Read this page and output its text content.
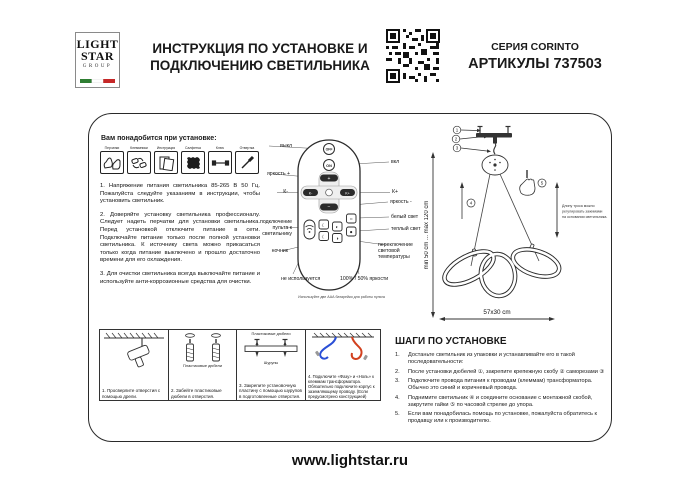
LIGHT
STAR
GROUP
ИНСТРУКЦИЯ ПО УСТАНОВКЕ И
ПОДКЛЮЧЕНИЮ СВЕТИЛЬНИКА
СЕРИЯ CORINTO
АРТИКУЛЫ 737503
Вам понадобится при установке:
Перчатки	Клеммники	Инструкция	Салфетка	Ключ	Отвертка

1. Напряжение питания светильника 85-265 В 50 Гц. Пожалуйста следуйте указаниям в инструкции, чтобы установить светильник.

2. Доверяйте установку светильника профессионалу. Следует надеть перчатки для установки светильника. Перед установкой отключите питание в сети. Подключайте питание только после полной установки светильника. К источнику света можно прикасаться только когда питание выключено и прошло достаточно времени для его охлаждения.

3. Для очистки светильника всегда выключайте питание и используйте анти-коррозионные средства для очистки.

OFF
ON
+
−
K-	K+
☾
☾
◐
◑
○
●
выкл
вкл
яркость +
К-	К+
яркость -
белый свет
теплый свет
переключение световой температуры
подключение пульта к светильнику
ночник
не используется	100% / 50% яркости
Используйте две ААА батарейки для работы пульта
1
2
3
4
5
Длину троса можно
регулировать зажимами
на основании светильника.
min 50 cm ... max 120 cm
57x30 cm
1. Просверлите отверстия с помощью дрели.
Пластиковые дюбели
2. Забейте пластиковые дюбели в отверстия.
Пластиковые дюбели
Шурупы
3. Закрепите установочную пластину с помощью шурупов в подготовленные отверстия.
4. Подключите «Фазу» и «Ноль» к клеммам трансформатора. Обязательно подключите корпус к заземляющему проводу. (Если предусмотрено конструкцией)
ШАГИ ПО УСТАНОВКЕ
1.	Достаньте светильник из упаковки и устанавливайте его в такой последовательности:
2.	После установки дюбелей ①, закрепите крепежную скобу ② саморезами ③
3.	Подключите провода питания к проводам (клеммам) трансформатора. Обычно это синий и коричневый провода.
4.	Поднимите светильник ④ и соедините основание с монтажной скобой, закрутите гайки ⑤ по часовой стрелке до упора.
5.	Если вам понадобилась помощь по установке, пожалуйста обратитесь к продавцу или к производителю.
www.lightstar.ru
